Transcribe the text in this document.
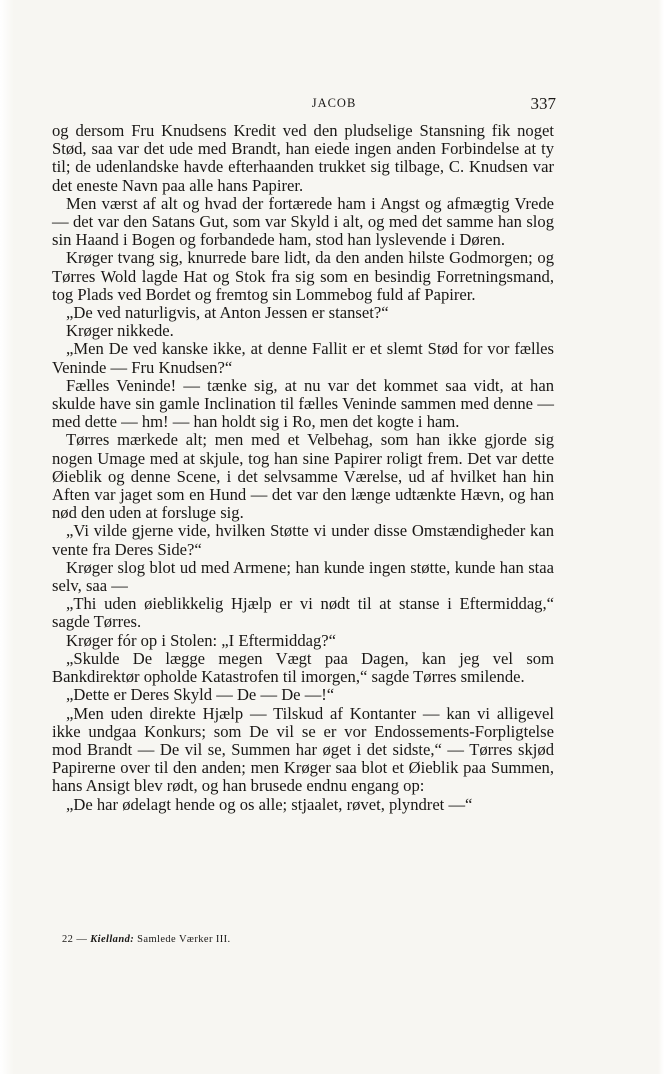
JACOB	337

og dersom Fru Knudsens Kredit ved den pludselige Stansning fik noget Stød, saa var det ude med Brandt, han eiede ingen anden Forbindelse at ty til; de udenlandske havde efterhaanden trukket sig tilbage, C. Knudsen var det eneste Navn paa alle hans Papirer.

Men værst af alt og hvad der fortærede ham i Angst og afmægtig Vrede — det var den Satans Gut, som var Skyld i alt, og med det samme han slog sin Haand i Bogen og forbandede ham, stod han lyslevende i Døren.

Krøger tvang sig, knurrede bare lidt, da den anden hilste Godmorgen; og Tørres Wold lagde Hat og Stok fra sig som en besindig Forretningsmand, tog Plads ved Bordet og fremtog sin Lommebog fuld af Papirer.

„De ved naturligvis, at Anton Jessen er stanset?“

Krøger nikkede.

„Men De ved kanske ikke, at denne Fallit er et slemt Stød for vor fælles Veninde — Fru Knudsen?“

Fælles Veninde! — tænke sig, at nu var det kommet saa vidt, at han skulde have sin gamle Inclination til fælles Veninde sammen med denne — med dette — hm! — han holdt sig i Ro, men det kogte i ham.

Tørres mærkede alt; men med et Velbehag, som han ikke gjorde sig nogen Umage med at skjule, tog han sine Papirer roligt frem. Det var dette Øieblik og denne Scene, i det selvsamme Værelse, ud af hvilket han hin Aften var jaget som en Hund — det var den længe udtænkte Hævn, og han nød den uden at forsluge sig.

„Vi vilde gjerne vide, hvilken Støtte vi under disse Omstændigheder kan vente fra Deres Side?“

Krøger slog blot ud med Armene; han kunde ingen støtte, kunde han staa selv, saa —

„Thi uden øieblikkelig Hjælp er vi nødt til at stanse i Eftermiddag,“ sagde Tørres.

Krøger fór op i Stolen: „I Eftermiddag?“

„Skulde De lægge megen Vægt paa Dagen, kan jeg vel som Bankdirektør opholde Katastrofen til imorgen,“ sagde Tørres smilende.

„Dette er Deres Skyld — De — De —!“

„Men uden direkte Hjælp — Tilskud af Kontanter — kan vi alligevel ikke undgaa Konkurs; som De vil se er vor Endossements-Forpligtelse mod Brandt — De vil se, Summen har øget i det sidste,“ — Tørres skjød Papirerne over til den anden; men Krøger saa blot et Øieblik paa Summen, hans Ansigt blev rødt, og han brusede endnu engang op:

„De har ødelagt hende og os alle; stjaalet, røvet, plyndret —“

22 — Kielland: Samlede Værker III.
